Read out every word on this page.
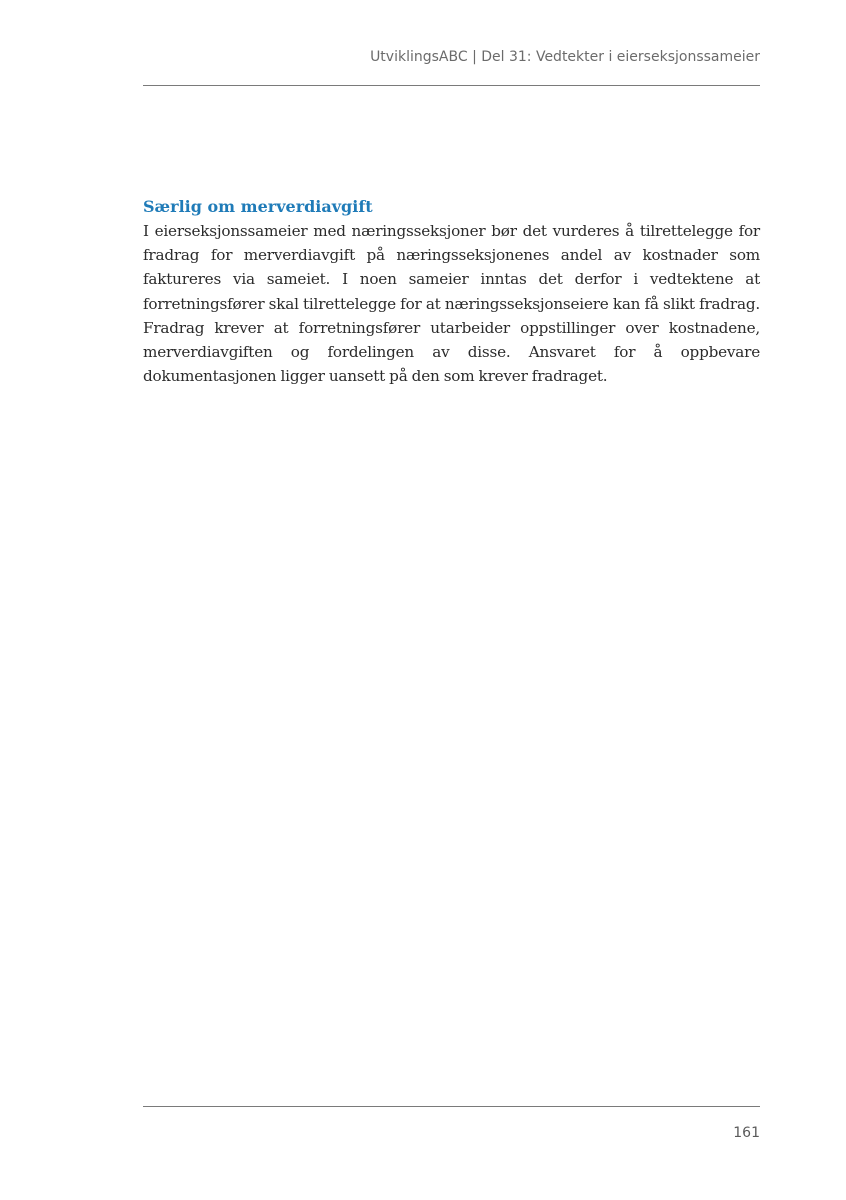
UtviklingsABC | Del 31: Vedtekter i eierseksjonssameier
Særlig om merverdiavgift

I eierseksjonssameier med næringsseksjoner bør det vurderes å tilrettelegge for fradrag for merverdiavgift på næringsseksjonenes andel av kostnader som faktureres via sameiet. I noen sameier inntas det derfor i vedtektene at forretningsfører skal tilrettelegge for at næringsseksjonseiere kan få slikt fradrag. Fradrag krever at forretningsfører utarbeider oppstillinger over kostnadene, merverdiavgiften og fordelingen av disse. Ansvaret for å oppbevare dokumentasjonen ligger uansett på den som krever fradraget.

161
